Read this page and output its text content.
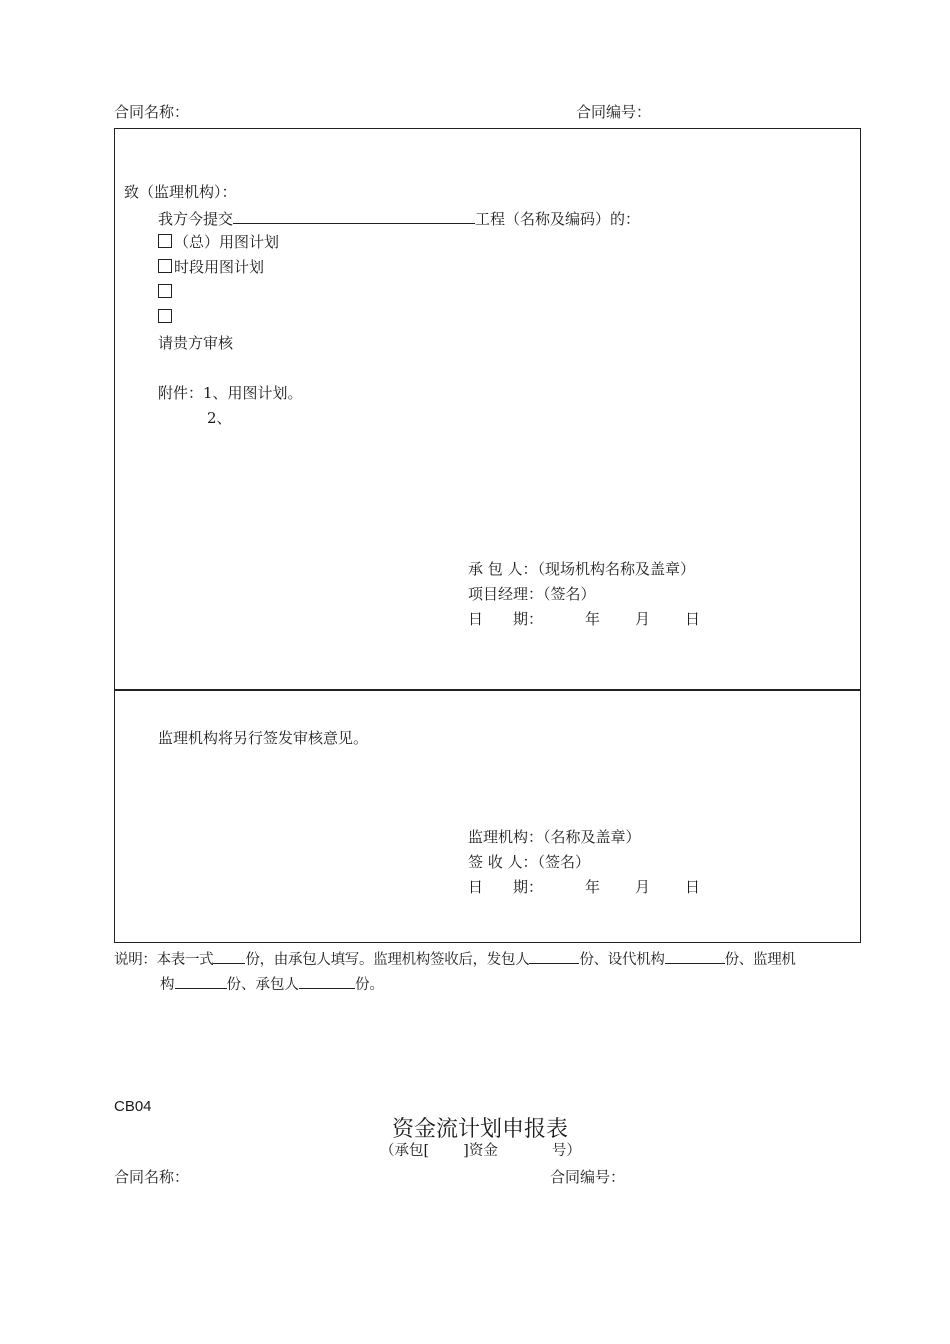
合同名称：	合同编号：
致（监理机构）：
我方今提交	工程（名称及编码）的：
（总）用图计划
时段用图计划
请贵方审核
附件：1、用图计划。
2、
承 包 人：（现场机构名称及盖章）
项目经理：（签名）
日　　期：	年 月 日
监理机构将另行签发审核意见。
监理机构：（名称及盖章）
签 收 人：（签名）
日　　期：	年 月 日
说明：本表一式 份，由承包人填写。监理机构签收后，发包人	份、设代机构	份、监理机
构	份、承包人	份。
CB04
资金流计划申报表
（承包[ ]资金	号）
合同名称：	合同编号：
